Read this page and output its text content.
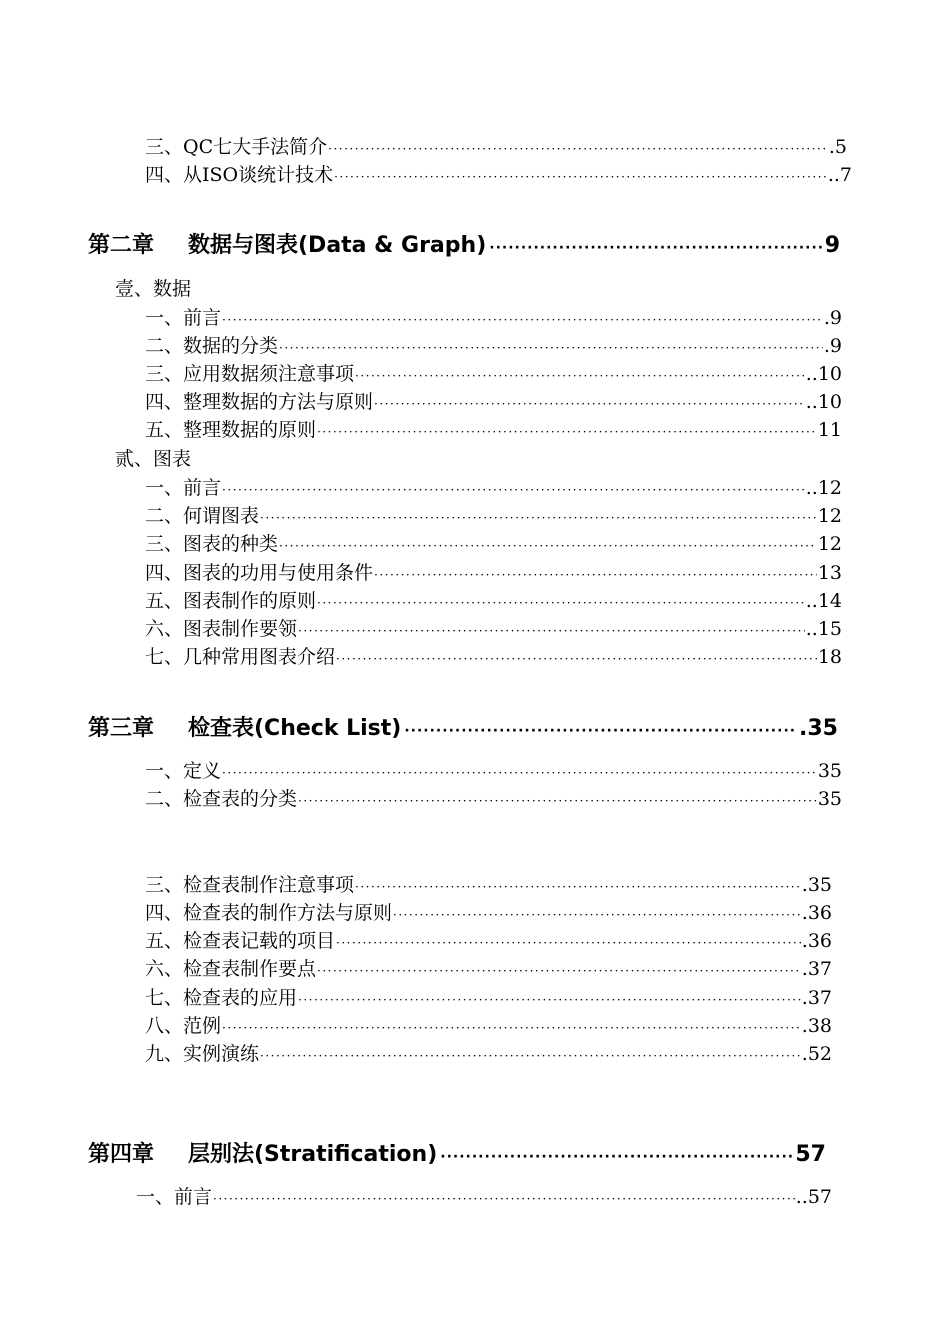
三、QC七大手法简介 ·····	.5
四、从ISO谈统计技术 ·····	..7
第二章	数据与图表(Data & Graph) ·····	9
壹、数据
一、前言 ·····	.9
二、数据的分类 ·····	.9
三、应用数据须注意事项 ·····	..10
四、整理数据的方法与原则 ·····	..10
五、整理数据的原则 ·····	11
贰、图表
一、前言 ·····	..12
二、何谓图表 ·····	12
三、图表的种类 ·····	12
四、图表的功用与使用条件 ·····	13
五、图表制作的原则 ·····	..14
六、图表制作要领 ·····	..15
七、几种常用图表介绍 ·····	18
第三章	检查表(Check List) ·····	.35
一、定义 ·····	35
二、检查表的分类 ·····	35
三、检查表制作注意事项 ·····	.35
四、检查表的制作方法与原则 ·····	.36
五、检查表记载的项目 ·····	.36
六、检查表制作要点 ·····	.37
七、检查表的应用 ·····	.37
八、范例 ·····	.38
九、实例演练 ·····	.52
第四章	层别法(Stratification) ·····	57
一、前言 ·····	..57
